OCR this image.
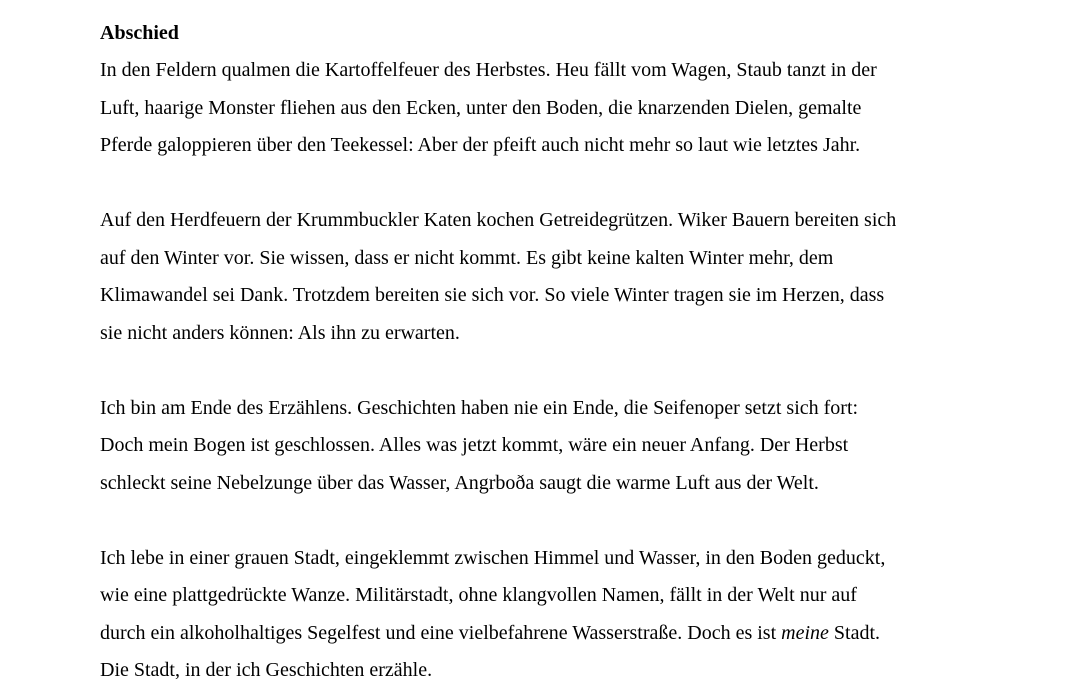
Abschied

In den Feldern qualmen die Kartoffelfeuer des Herbstes. Heu fällt vom Wagen, Staub tanzt in der
Luft, haarige Monster fliehen aus den Ecken, unter den Boden, die knarzenden Dielen, gemalte
Pferde galoppieren über den Teekessel: Aber der pfeift auch nicht mehr so laut wie letztes Jahr.
Auf den Herdfeuern der Krummbuckler Katen kochen Getreidegrützen. Wiker Bauern bereiten sich
auf den Winter vor. Sie wissen, dass er nicht kommt. Es gibt keine kalten Winter mehr, dem
Klimawandel sei Dank. Trotzdem bereiten sie sich vor. So viele Winter tragen sie im Herzen, dass
sie nicht anders können: Als ihn zu erwarten.
Ich bin am Ende des Erzählens. Geschichten haben nie ein Ende, die Seifenoper setzt sich fort:
Doch mein Bogen ist geschlossen. Alles was jetzt kommt, wäre ein neuer Anfang. Der Herbst
schleckt seine Nebelzunge über das Wasser, Angrboða saugt die warme Luft aus der Welt.
Ich lebe in einer grauen Stadt, eingeklemmt zwischen Himmel und Wasser, in den Boden geduckt,
wie eine plattgedrückte Wanze. Militärstadt, ohne klangvollen Namen, fällt in der Welt nur auf
durch ein alkoholhaltiges Segelfest und eine vielbefahrene Wasserstraße. Doch es ist meine Stadt.
Die Stadt, in der ich Geschichten erzähle.
